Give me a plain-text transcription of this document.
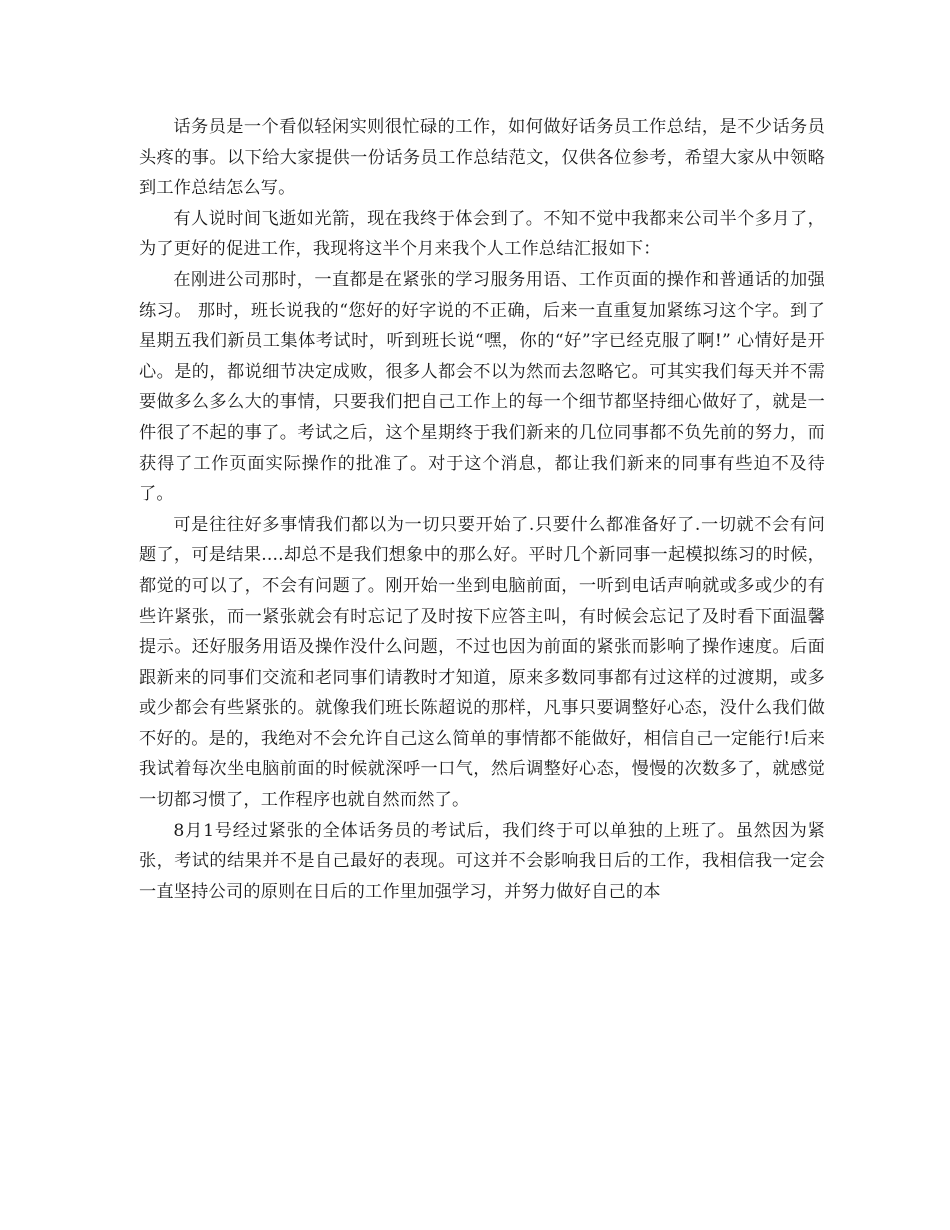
话务员是一个看似轻闲实则很忙碌的工作，如何做好话务员工作总结，是不少话务员头疼的事。以下给大家提供一份话务员工作总结范文，仅供各位参考，希望大家从中领略到工作总结怎么写。

有人说时间飞逝如光箭，现在我终于体会到了。不知不觉中我都来公司半个多月了，为了更好的促进工作，我现将这半个月来我个人工作总结汇报如下：

在刚进公司那时，一直都是在紧张的学习服务用语、工作页面的操作和普通话的加强练习。 那时，班长说我的“您好的好字说的不正确，后来一直重复加紧练习这个字。到了星期五我们新员工集体考试时，听到班长说“嘿，你的“好”字已经克服了啊!” 心情好是开心。是的，都说细节决定成败，很多人都会不以为然而去忽略它。可其实我们每天并不需要做多么多么大的事情，只要我们把自己工作上的每一个细节都坚持细心做好了，就是一件很了不起的事了。考试之后，这个星期终于我们新来的几位同事都不负先前的努力，而获得了工作页面实际操作的批准了。对于这个消息，都让我们新来的同事有些迫不及待了。

可是往往好多事情我们都以为一切只要开始了.只要什么都准备好了.一切就不会有问题了，可是结果....却总不是我们想象中的那么好。平时几个新同事一起模拟练习的时候，都觉的可以了，不会有问题了。刚开始一坐到电脑前面，一听到电话声响就或多或少的有些许紧张，而一紧张就会有时忘记了及时按下应答主叫，有时候会忘记了及时看下面温馨提示。还好服务用语及操作没什么问题，不过也因为前面的紧张而影响了操作速度。后面跟新来的同事们交流和老同事们请教时才知道，原来多数同事都有过这样的过渡期，或多或少都会有些紧张的。就像我们班长陈超说的那样，凡事只要调整好心态，没什么我们做不好的。是的，我绝对不会允许自己这么简单的事情都不能做好，相信自己一定能行!后来我试着每次坐电脑前面的时候就深呼一口气，然后调整好心态，慢慢的次数多了，就感觉一切都习惯了，工作程序也就自然而然了。

8月1号经过紧张的全体话务员的考试后，我们终于可以单独的上班了。虽然因为紧张，考试的结果并不是自己最好的表现。可这并不会影响我日后的工作，我相信我一定会一直坚持公司的原则在日后的工作里加强学习，并努力做好自己的本
